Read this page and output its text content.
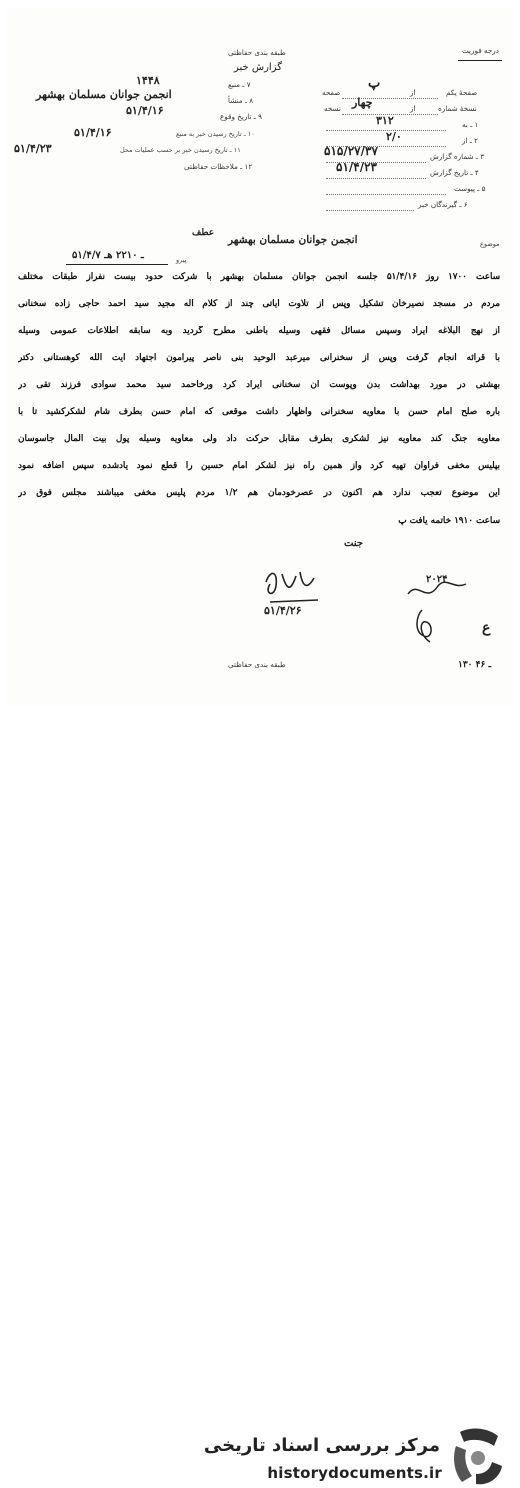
طبقه بندی حفاظتی
گزارش خبر
درجه فوریت
صفحهٔ یکم
از
صفحه
پ
نسخهٔ شماره
از
نسخه چهار
۱ ـ به
۳۱۲
۲ ـ از
۲/۰
۳ ـ شماره گزارش
۵۱۵/۲۷/۳۷
۴ ـ تاریخ گزارش
۵۱/۴/۲۳
۵ ـ پیوست
۶ ـ گیرندگان خبر
۷ ـ منبع
۱۴۴۸
۸ ـ منشأ
انجمن جوانان مسلمان بهشهر
۹ ـ تاریخ وقوع
۵۱/۴/۱۶
۱۰ ـ تاریخ رسیدن خبر به منبع
۵۱/۴/۱۶
۱۱ ـ تاریخ رسیدن خبر بر حسب عملیات محل
۵۱/۴/۲۳
۱۲ ـ ملاحظات حفاظتی
موضوع
انجمن جوانان مسلمان بهشهر
عطف
پیرو
۵۱/۴/۷ ـ ۲۲۱۰ هـ
ساعت ۱۷۰۰ روز ۵۱/۴/۱۶ جلسه انجمن جوانان مسلمان بهشهر با شرکت حدود بیست نفراز طبقات مختلف
مردم در مسجد نصیرخان تشکیل وپس از تلاوت آیاتی چند از کلام اله مجید سید احمد حاجی زاده سخنانی
از نهج البلاغه ایراد وسپس مسائل فقهی وسیله باطنی مطرح گردید وبه سابقه اطلاعات عمومی وسیله
با قرائه انجام گرفت وپس از سخنرانی میرعبد الوحید بنی ناصر پیرامون اجتهاد آیت الله کوهستانی دکتر
بهشتی در مورد بهداشت بدن وپوست آن سخنانی ایراد کرد ورخاحمد سید محمد سوادی فرزند تقی در
باره صلح امام حسن با معاویه سخنرانی واظهار داشت موقعی که امام حسن بطرف شام لشکرکشید تا با
معاویه جنگ کند معاویه نیز لشکری بطرف مقابل حرکت داد ولی معاویه وسیله پول بیت المال جاسوسان
بپلیس مخفی فراوان تهیه کرد واز همین راه نیز لشکر امام حسین را قطع نمود یادشده سپس اضافه نمود
این موضوع تعجب ندارد هم اکنون در عصرخودمان هم ۱/۲ مردم پلیس مخفی میباشند مجلس فوق در
ساعت ۱۹۱۰ خاتمه یافت پ
جنت
۵۱/۴/۲۶
۲۰۲۴
ع
طبقه بندی حفاظتی	۱۳۰ ـ ۴۶
مرکز بررسی اسناد تاریخی
historydocuments.ir
